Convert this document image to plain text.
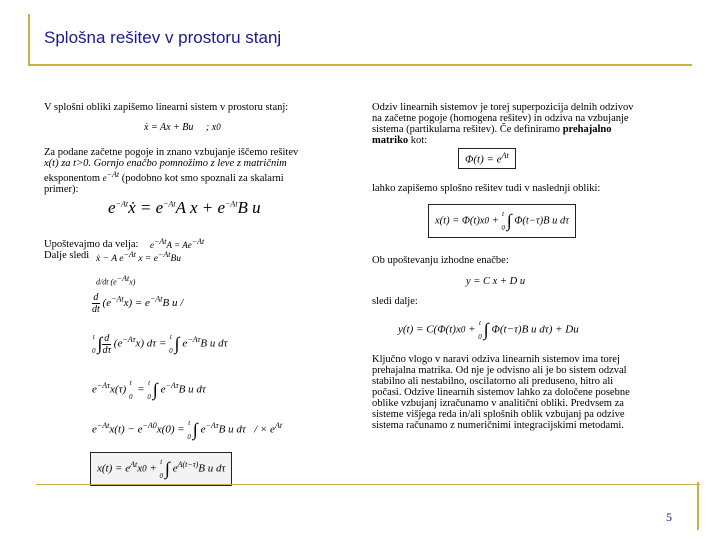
Splošna rešitev v prostoru stanj
V splošni obliki zapišemo linearni sistem v prostoru stanj:
ẋ = Ax + Bu     ; x0
Za podane začetne pogoje in znano vzbujanje iščemo rešitev
x(t) za t>0. Gornjo enačbo pomnožimo z leve z matričnim
eksponentom $e^{-At}$ (podobno kot smo spoznali za skalarni
primer):
$e^{-At}ẋ = e^{-At}A$ $x + e^{-At}B$ u
Upoštevajmo da velja:
Dalje sledi
$e^{-At}A = Ae^{-At}$
ẋ − A $e^{-At}$ $x = e^{-At}Bu$
d/dt $(e^{-At}x)$
$\frac{d}{dt} (e^{-At}x) = e^{-At}B$ u /
t
0 ∫ $\frac{d}{d\tau} (e^{-A\tau}x) d\tau = t$
0 ∫ $e^{-A\tau}B$ u dτ
$e^{-A\tau}x(\tau)$ t
0 = t
0 ∫ $e^{-A\tau}B$ u dτ
$e^{-At}x(t) - e^{-A0}x(0) = t$
0 ∫ $e^{-A\tau}B$ u dτ   / × $e^{At}$
$x(t) = e^{At}x0 + t$
0 ∫ $e^{A(t-\tau)}B$ u dτ
Odziv linearnih sistemov je torej superpozicija delnih odzivov
na začetne pogoje (homogena rešitev) in odziva na vzbujanje
sistema (partikularna rešitev). Če definiramo prehajalno
matriko kot:
$\Phi(t) = e^{At}$
lahko zapišemo splošno rešitev tudi v naslednji obliki:
x(t) = Φ(t)x0 + t
0 ∫ Φ(t−τ)B u dτ
Ob upoštevanju izhodne enačbe:
y = C x + D u
sledi dalje:
y(t) = C(Φ(t)x0 + t
0 ∫ Φ(t−τ)B u dτ) + Du
Ključno vlogo v naravi odziva linearnih sistemov ima torej
prehajalna matrika. Od nje je odvisno ali je bo sistem odzval
stabilno ali nestabilno, oscilatorno ali preduseno, hitro ali
počasi. Odzive linearnih sistemov lahko za določene posebne
oblike vzbujanj izračunamo v analitični obliki. Predvsem za
sisteme višjega reda in/ali splošnih oblik vzbujanj pa odzive
sistema računamo z numeričnimi integracijskimi metodami.
5
